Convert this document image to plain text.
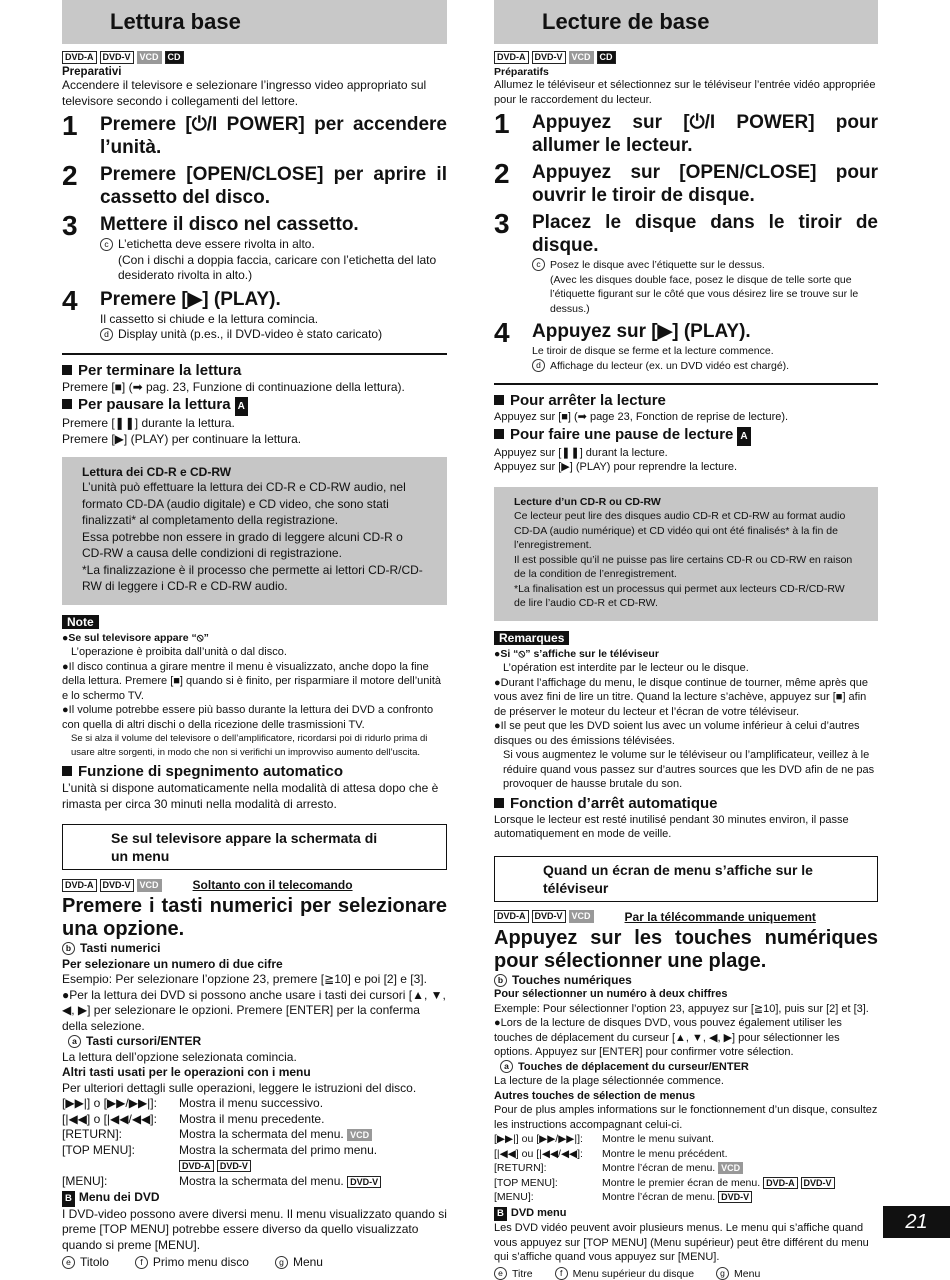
Lettura base
DVD-A	DVD-V	VCD	CD
Preparativi
Accendere il televisore e selezionare l’ingresso video appropriato sul televisore secondo i collegamenti del lettore.
1	Premere [⏻/I POWER] per accendere l’unità.
2	Premere [OPEN/CLOSE] per aprire il cassetto del disco.
3	Mettere il disco nel cassetto.
c L’etichetta deve essere rivolta in alto.
(Con i dischi a doppia faccia, caricare con l’etichetta del lato desiderato rivolta in alto.)
4	Premere [▶] (PLAY).
Il cassetto si chiude e la lettura comincia.
d Display unità (p.es., il DVD-video è stato caricato)
Per terminare la lettura
Premere [■] (➡ pag. 23, Funzione di continuazione della lettura).
Per pausare la lettura A
Premere [❚❚] durante la lettura.
Premere [▶] (PLAY) per continuare la lettura.
Lettura dei CD-R e CD-RW
L’unità può effettuare la lettura dei CD-R e CD-RW audio, nel formato CD-DA (audio digitale) e CD video, che sono stati finalizzati* al completamento della registrazione.
Essa potrebbe non essere in grado di leggere alcuni CD-R o CD-RW a causa delle condizioni di registrazione.
*La finalizzazione è il processo che permette ai lettori CD-R/CD-RW di leggere i CD-R e CD-RW audio.
Note
●Se sul televisore appare “⦸”
L’operazione è proibita dall’unità o dal disco.
●Il disco continua a girare mentre il menu è visualizzato, anche dopo la fine della lettura. Premere [■] quando si è finito, per risparmiare il motore dell’unità e lo schermo TV.
●Il volume potrebbe essere più basso durante la lettura dei DVD a confronto con quella di altri dischi o della ricezione delle trasmissioni TV.
Se si alza il volume del televisore o dell’amplificatore, ricordarsi poi di ridurlo prima di usare altre sorgenti, in modo che non si verifichi un improvviso aumento dell’uscita.
Funzione di spegnimento automatico
L’unità si dispone automaticamente nella modalità di attesa dopo che è rimasta per circa 30 minuti nella modalità di arresto.
Se sul televisore appare la schermata di un menu
DVD-A	DVD-V	VCD	Soltanto con il telecomando
Premere i tasti numerici per selezionare una opzione.
b Tasti numerici
Per selezionare un numero di due cifre
Esempio: Per selezionare l’opzione 23, premere [≧10] e poi [2] e [3].
●Per la lettura dei DVD si possono anche usare i tasti dei cursori [▲, ▼, ◀, ▶] per selezionare le opzioni. Premere [ENTER] per la conferma della selezione.
a Tasti cursori/ENTER
La lettura dell’opzione selezionata comincia.
Altri tasti usati per le operazioni con i menu
Per ulteriori dettagli sulle operazioni, leggere le istruzioni del disco.
[▶▶|] o [▶▶/▶▶|]:	Mostra il menu successivo.
[|◀◀] o [|◀◀/◀◀]:	Mostra il menu precedente.
[RETURN]:	Mostra la schermata del menu. VCD
[TOP MENU]:	Mostra la schermata del primo menu.
	DVD-A DVD-V
[MENU]:	Mostra la schermata del menu. DVD-V
B Menu dei DVD
I DVD-video possono avere diversi menu. Il menu visualizzato quando si preme [TOP MENU] potrebbe essere diverso da quello visualizzato quando si preme [MENU].
e Titolo	f Primo menu disco	g Menu
Lecture de base
DVD-A	DVD-V	VCD	CD
Préparatifs
Allumez le téléviseur et sélectionnez sur le téléviseur l’entrée vidéo appropriée pour le raccordement du lecteur.
1	Appuyez sur [⏻/I POWER] pour allumer le lecteur.
2	Appuyez sur [OPEN/CLOSE] pour ouvrir le tiroir de disque.
3	Placez le disque dans le tiroir de disque.
c Posez le disque avec l’étiquette sur le dessus.
(Avec les disques double face, posez le disque de telle sorte que l’étiquette figurant sur le côté que vous désirez lire se trouve sur le dessus.)
4	Appuyez sur [▶] (PLAY).
Le tiroir de disque se ferme et la lecture commence.
d Affichage du lecteur (ex. un DVD vidéo est chargé).
Pour arrêter la lecture
Appuyez sur [■] (➡ page 23, Fonction de reprise de lecture).
Pour faire une pause de lecture A
Appuyez sur [❚❚] durant la lecture.
Appuyez sur [▶] (PLAY) pour reprendre la lecture.
Lecture d’un CD-R ou CD-RW
Ce lecteur peut lire des disques audio CD-R et CD-RW au format audio CD-DA (audio numérique) et CD vidéo qui ont été finalisés* à la fin de l’enregistrement.
Il est possible qu’il ne puisse pas lire certains CD-R ou CD-RW en raison de la condition de l’enregistrement.
*La finalisation est un processus qui permet aux lecteurs CD-R/CD-RW de lire l’audio CD-R et CD-RW.
Remarques
●Si “⦸” s’affiche sur le téléviseur
L’opération est interdite par le lecteur ou le disque.
●Durant l’affichage du menu, le disque continue de tourner, même après que vous avez fini de lire un titre. Quand la lecture s’achève, appuyez sur [■] afin de préserver le moteur du lecteur et l’écran de votre téléviseur.
●Il se peut que les DVD soient lus avec un volume inférieur à celui d’autres disques ou des émissions télévisées.
Si vous augmentez le volume sur le téléviseur ou l’amplificateur, veillez à le réduire quand vous passez sur d’autres sources que les DVD afin de ne pas provoquer de hausse brutale du son.
Fonction d’arrêt automatique
Lorsque le lecteur est resté inutilisé pendant 30 minutes environ, il passe automatiquement en mode de veille.
Quand un écran de menu s’affiche sur le téléviseur
DVD-A	DVD-V	VCD	Par la télécommande uniquement
Appuyez sur les touches numériques pour sélectionner une plage.
b Touches numériques
Pour sélectionner un numéro à deux chiffres
Exemple: Pour sélectionner l’option 23, appuyez sur [≧10], puis sur [2] et [3].
●Lors de la lecture de disques DVD, vous pouvez également utiliser les touches de déplacement du curseur [▲, ▼, ◀, ▶] pour sélectionner les options. Appuyez sur [ENTER] pour confirmer votre sélection.
a Touches de déplacement du curseur/ENTER
La lecture de la plage sélectionnée commence.
Autres touches de sélection de menus
Pour de plus amples informations sur le fonctionnement d’un disque, consultez les instructions accompagnant celui-ci.
[▶▶|] ou [▶▶/▶▶|]:	Montre le menu suivant.
[|◀◀] ou [|◀◀/◀◀]:	Montre le menu précédent.
[RETURN]:	Montre l’écran de menu. VCD
[TOP MENU]:	Montre le premier écran de menu. DVD-A DVD-V
[MENU]:	Montre l’écran de menu. DVD-V
B DVD menu
Les DVD vidéo peuvent avoir plusieurs menus. Le menu qui s’affiche quand vous appuyez sur [TOP MENU] (Menu supérieur) peut être différent du menu qui s’affiche quand vous appuyez sur [MENU].
e Titre	f Menu supérieur du disque	g Menu
21
